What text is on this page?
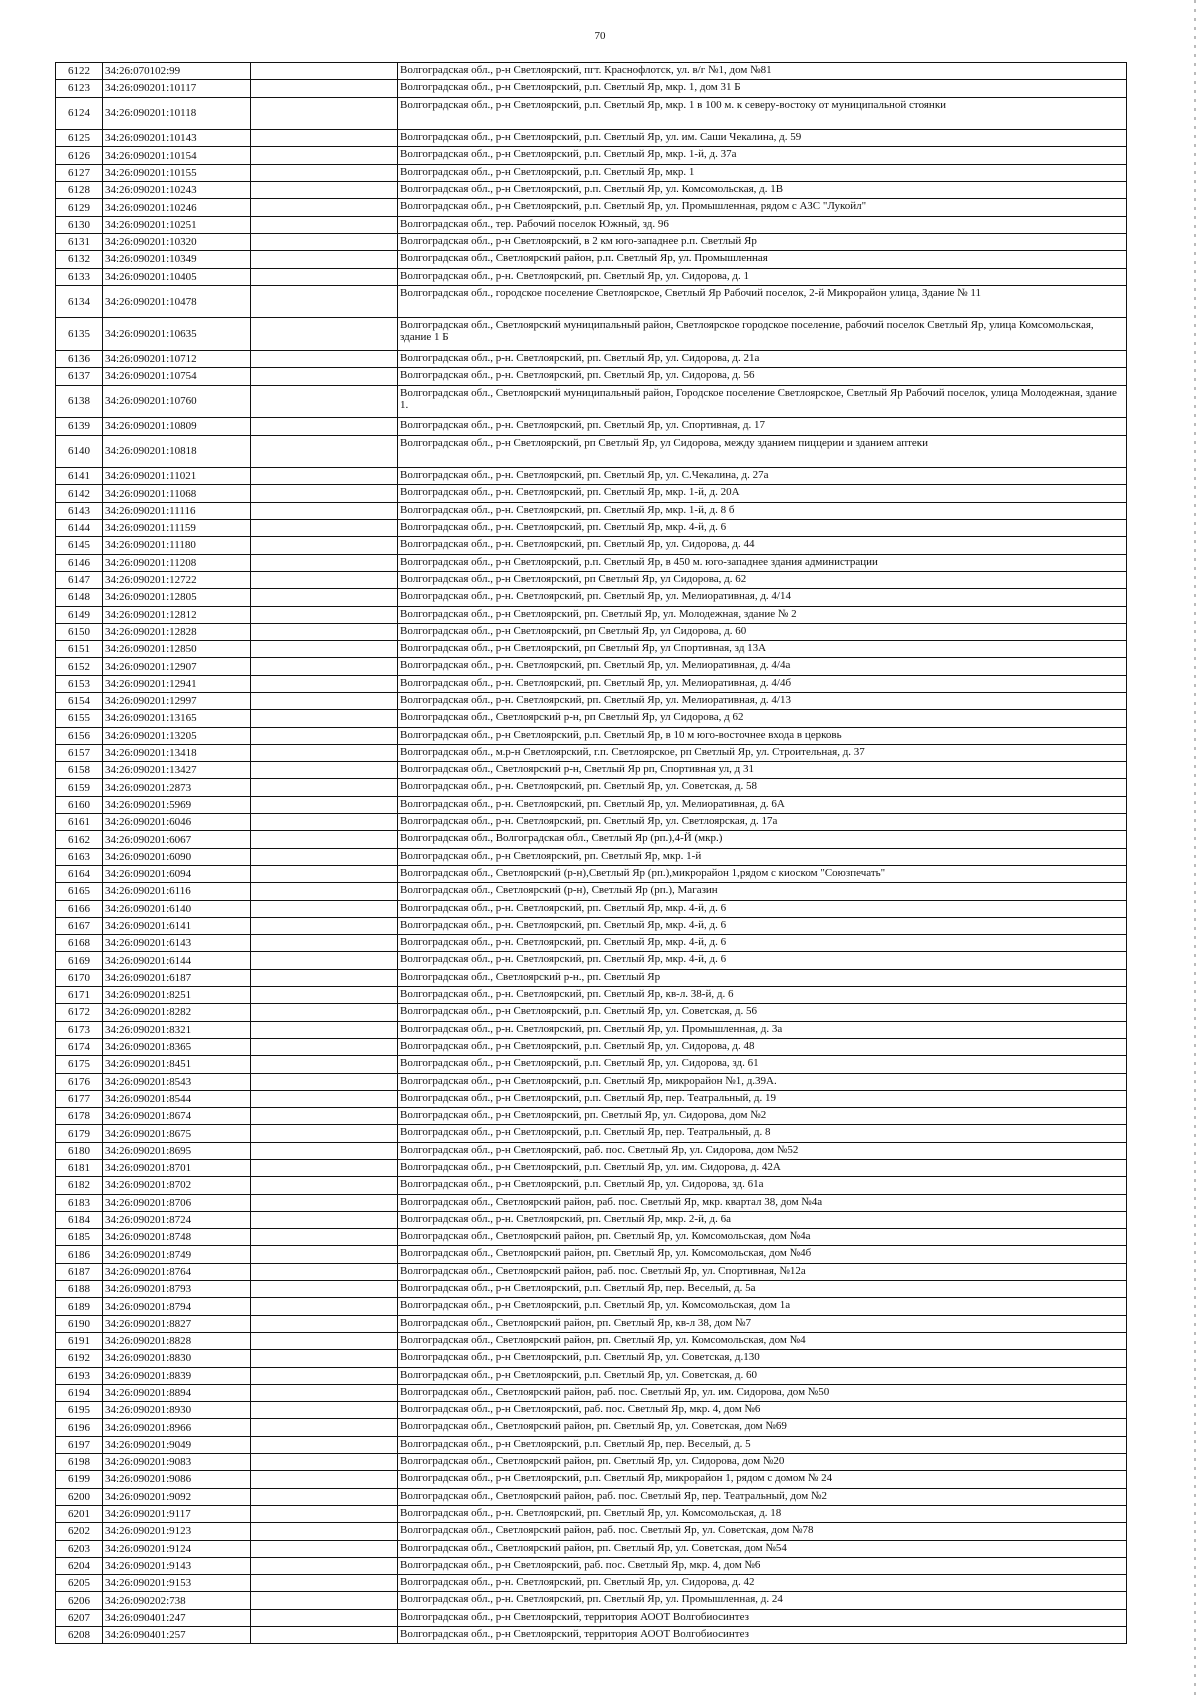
70
6122	34:26:070102:99		Волгоградская обл., р-н Светлоярский, пгт. Краснофлотск, ул. в/г №1, дом №81
6123	34:26:090201:10117		Волгоградская обл., р-н Светлоярский, р.п. Светлый Яр, мкр. 1, дом 31 Б
6124	34:26:090201:10118		Волгоградская обл., р-н Светлоярский, р.п. Светлый Яр, мкр. 1 в 100 м. к северу-востоку от муниципальной стоянки
6125	34:26:090201:10143		Волгоградская обл., р-н Светлоярский, р.п. Светлый Яр, ул. им. Саши Чекалина, д. 59
6126	34:26:090201:10154		Волгоградская обл., р-н Светлоярский, р.п. Светлый Яр, мкр. 1-й, д. 37а
6127	34:26:090201:10155		Волгоградская обл., р-н Светлоярский, р.п. Светлый Яр, мкр. 1
6128	34:26:090201:10243		Волгоградская обл., р-н Светлоярский, р.п. Светлый Яр, ул. Комсомольская, д. 1В
6129	34:26:090201:10246		Волгоградская обл., р-н Светлоярский, р.п. Светлый Яр, ул. Промышленная, рядом с АЗС "Лукойл"
6130	34:26:090201:10251		Волгоградская обл., тер. Рабочий поселок Южный, зд. 96
6131	34:26:090201:10320		Волгоградская обл., р-н Светлоярский, в 2 км юго-западнее р.п. Светлый Яр
6132	34:26:090201:10349		Волгоградская обл., Светлоярский район, р.п. Светлый Яр, ул. Промышленная
6133	34:26:090201:10405		Волгоградская обл., р-н. Светлоярский, рп. Светлый Яр, ул. Сидорова, д. 1
6134	34:26:090201:10478		Волгоградская обл., городское поселение Светлоярское, Светлый Яр Рабочий поселок, 2-й Микрорайон улица, Здание № 11
6135	34:26:090201:10635		Волгоградская обл., Светлоярский муниципальный район, Светлоярское городское поселение, рабочий поселок Светлый Яр, улица Комсомольская, здание 1 Б
6136	34:26:090201:10712		Волгоградская обл., р-н. Светлоярский, рп. Светлый Яр, ул. Сидорова, д. 21а
6137	34:26:090201:10754		Волгоградская обл., р-н. Светлоярский, рп. Светлый Яр, ул. Сидорова, д. 56
6138	34:26:090201:10760		Волгоградская обл., Светлоярский муниципальный район, Городское поселение Светлоярское, Светлый Яр Рабочий поселок, улица Молодежная, здание 1.
6139	34:26:090201:10809		Волгоградская обл., р-н. Светлоярский, рп. Светлый Яр, ул. Спортивная, д. 17
6140	34:26:090201:10818		Волгоградская обл., р-н Светлоярский, рп Светлый Яр, ул Сидорова, между зданием пиццерии и зданием аптеки
6141	34:26:090201:11021		Волгоградская обл., р-н. Светлоярский, рп. Светлый Яр, ул. С.Чекалина, д. 27а
6142	34:26:090201:11068		Волгоградская обл., р-н. Светлоярский, рп. Светлый Яр, мкр. 1-й, д. 20А
6143	34:26:090201:11116		Волгоградская обл., р-н. Светлоярский, рп. Светлый Яр, мкр. 1-й, д. 8 б
6144	34:26:090201:11159		Волгоградская обл., р-н. Светлоярский, рп. Светлый Яр, мкр. 4-й, д. 6
6145	34:26:090201:11180		Волгоградская обл., р-н. Светлоярский, рп. Светлый Яр, ул. Сидорова, д. 44
6146	34:26:090201:11208		Волгоградская обл., р-н Светлоярский, р.п. Светлый Яр, в 450 м. юго-западнее здания администрации
6147	34:26:090201:12722		Волгоградская обл., р-н Светлоярский, рп Светлый Яр, ул Сидорова, д. 62
6148	34:26:090201:12805		Волгоградская обл., р-н. Светлоярский, рп. Светлый Яр, ул. Мелиоративная, д. 4/14
6149	34:26:090201:12812		Волгоградская обл., р-н Светлоярский, рп. Светлый Яр, ул. Молодежная, здание № 2
6150	34:26:090201:12828		Волгоградская обл., р-н Светлоярский, рп Светлый Яр, ул Сидорова, д. 60
6151	34:26:090201:12850		Волгоградская обл., р-н Светлоярский, рп Светлый Яр, ул Спортивная, зд 13А
6152	34:26:090201:12907		Волгоградская обл., р-н. Светлоярский, рп. Светлый Яр, ул. Мелиоративная, д. 4/4а
6153	34:26:090201:12941		Волгоградская обл., р-н. Светлоярский, рп. Светлый Яр, ул. Мелиоративная, д. 4/4б
6154	34:26:090201:12997		Волгоградская обл., р-н. Светлоярский, рп. Светлый Яр, ул. Мелиоративная, д. 4/13
6155	34:26:090201:13165		Волгоградская обл., Светлоярский р-н, рп Светлый Яр, ул Сидорова, д 62
6156	34:26:090201:13205		Волгоградская обл., р-н Светлоярский, р.п. Светлый Яр, в 10 м юго-восточнее входа в церковь
6157	34:26:090201:13418		Волгоградская обл., м.р-н Светлоярский, г.п. Светлоярское, рп Светлый Яр, ул. Строительная, д. 37
6158	34:26:090201:13427		Волгоградская обл., Светлоярский р-н, Светлый Яр рп, Спортивная ул, д 31
6159	34:26:090201:2873		Волгоградская обл., р-н. Светлоярский, рп. Светлый Яр, ул. Советская, д. 58
6160	34:26:090201:5969		Волгоградская обл., р-н. Светлоярский, рп. Светлый Яр, ул. Мелиоративная, д. 6А
6161	34:26:090201:6046		Волгоградская обл., р-н. Светлоярский, рп. Светлый Яр, ул. Светлоярская, д. 17а
6162	34:26:090201:6067		Волгоградская обл., Волгоградская обл., Светлый Яр (рп.),4-Й (мкр.)
6163	34:26:090201:6090		Волгоградская обл., р-н Светлоярский, рп. Светлый Яр, мкр. 1-й
6164	34:26:090201:6094		Волгоградская обл., Светлоярский (р-н),Светлый Яр (рп.),микрорайон 1,рядом с киоском "Союзпечать"
6165	34:26:090201:6116		Волгоградская обл., Светлоярский (р-н), Светлый Яр (рп.), Магазин
6166	34:26:090201:6140		Волгоградская обл., р-н. Светлоярский, рп. Светлый Яр, мкр. 4-й, д. 6
6167	34:26:090201:6141		Волгоградская обл., р-н. Светлоярский, рп. Светлый Яр, мкр. 4-й, д. 6
6168	34:26:090201:6143		Волгоградская обл., р-н. Светлоярский, рп. Светлый Яр, мкр. 4-й, д. 6
6169	34:26:090201:6144		Волгоградская обл., р-н. Светлоярский, рп. Светлый Яр, мкр. 4-й, д. 6
6170	34:26:090201:6187		Волгоградская обл., Светлоярский р-н., рп. Светлый Яр
6171	34:26:090201:8251		Волгоградская обл., р-н. Светлоярский, рп. Светлый Яр, кв-л. 38-й, д. 6
6172	34:26:090201:8282		Волгоградская обл., р-н Светлоярский, р.п. Светлый Яр, ул. Советская, д. 56
6173	34:26:090201:8321		Волгоградская обл., р-н. Светлоярский, рп. Светлый Яр, ул. Промышленная, д. 3а
6174	34:26:090201:8365		Волгоградская обл., р-н Светлоярский, р.п. Светлый Яр, ул. Сидорова, д. 48
6175	34:26:090201:8451		Волгоградская обл., р-н Светлоярский, р.п. Светлый Яр, ул. Сидорова, зд. 61
6176	34:26:090201:8543		Волгоградская обл., р-н Светлоярский, р.п. Светлый Яр, микрорайон №1, д.39А.
6177	34:26:090201:8544		Волгоградская обл., р-н Светлоярский, р.п. Светлый Яр, пер. Театральный, д. 19
6178	34:26:090201:8674		Волгоградская обл., р-н Светлоярский, рп. Светлый Яр, ул. Сидорова, дом №2
6179	34:26:090201:8675		Волгоградская обл., р-н Светлоярский, р.п. Светлый Яр, пер. Театральный, д. 8
6180	34:26:090201:8695		Волгоградская обл., р-н Светлоярский, раб. пос. Светлый Яр, ул. Сидорова, дом №52
6181	34:26:090201:8701		Волгоградская обл., р-н Светлоярский, р.п. Светлый Яр, ул. им. Сидорова, д. 42А
6182	34:26:090201:8702		Волгоградская обл., р-н Светлоярский, р.п. Светлый Яр, ул. Сидорова, зд. 61а
6183	34:26:090201:8706		Волгоградская обл., Светлоярский район, раб. пос. Светлый Яр, мкр. квартал 38, дом №4а
6184	34:26:090201:8724		Волгоградская обл., р-н. Светлоярский, рп. Светлый Яр, мкр. 2-й, д. 6а
6185	34:26:090201:8748		Волгоградская обл., Светлоярский район, рп. Светлый Яр, ул. Комсомольская, дом №4а
6186	34:26:090201:8749		Волгоградская обл., Светлоярский район, рп. Светлый Яр, ул. Комсомольская, дом №4б
6187	34:26:090201:8764		Волгоградская обл., Светлоярский район, раб. пос. Светлый Яр, ул. Спортивная, №12а
6188	34:26:090201:8793		Волгоградская обл., р-н Светлоярский, р.п. Светлый Яр, пер. Веселый, д. 5а
6189	34:26:090201:8794		Волгоградская обл., р-н Светлоярский, р.п. Светлый Яр, ул. Комсомольская, дом 1а
6190	34:26:090201:8827		Волгоградская обл., Светлоярский район, рп. Светлый Яр, кв-л 38, дом №7
6191	34:26:090201:8828		Волгоградская обл., Светлоярский район, рп. Светлый Яр, ул. Комсомольская, дом №4
6192	34:26:090201:8830		Волгоградская обл., р-н Светлоярский, р.п. Светлый Яр, ул. Советская, д.130
6193	34:26:090201:8839		Волгоградская обл., р-н Светлоярский, р.п. Светлый Яр, ул. Советская, д. 60
6194	34:26:090201:8894		Волгоградская обл., Светлоярский район, раб. пос. Светлый Яр, ул. им. Сидорова, дом №50
6195	34:26:090201:8930		Волгоградская обл., р-н Светлоярский, раб. пос. Светлый Яр, мкр. 4, дом №6
6196	34:26:090201:8966		Волгоградская обл., Светлоярский район, рп. Светлый Яр, ул. Советская, дом №69
6197	34:26:090201:9049		Волгоградская обл., р-н Светлоярский, р.п. Светлый Яр, пер. Веселый, д. 5
6198	34:26:090201:9083		Волгоградская обл., Светлоярский район, рп. Светлый Яр, ул. Сидорова, дом №20
6199	34:26:090201:9086		Волгоградская обл., р-н Светлоярский, р.п. Светлый Яр, микрорайон 1, рядом с домом № 24
6200	34:26:090201:9092		Волгоградская обл., Светлоярский район, раб. пос. Светлый Яр, пер. Театральный, дом №2
6201	34:26:090201:9117		Волгоградская обл., р-н. Светлоярский, рп. Светлый Яр, ул. Комсомольская, д. 18
6202	34:26:090201:9123		Волгоградская обл., Светлоярский район, раб. пос. Светлый Яр, ул. Советская, дом №78
6203	34:26:090201:9124		Волгоградская обл., Светлоярский район, рп. Светлый Яр, ул. Советская, дом №54
6204	34:26:090201:9143		Волгоградская обл., р-н Светлоярский, раб. пос. Светлый Яр, мкр. 4, дом №6
6205	34:26:090201:9153		Волгоградская обл., р-н. Светлоярский, рп. Светлый Яр, ул. Сидорова, д. 42
6206	34:26:090202:738		Волгоградская обл., р-н. Светлоярский, рп. Светлый Яр, ул. Промышленная, д. 24
6207	34:26:090401:247		Волгоградская обл., р-н Светлоярский, территория АООТ Волгобиосинтез
6208	34:26:090401:257		Волгоградская обл., р-н Светлоярский, территория АООТ Волгобиосинтез
